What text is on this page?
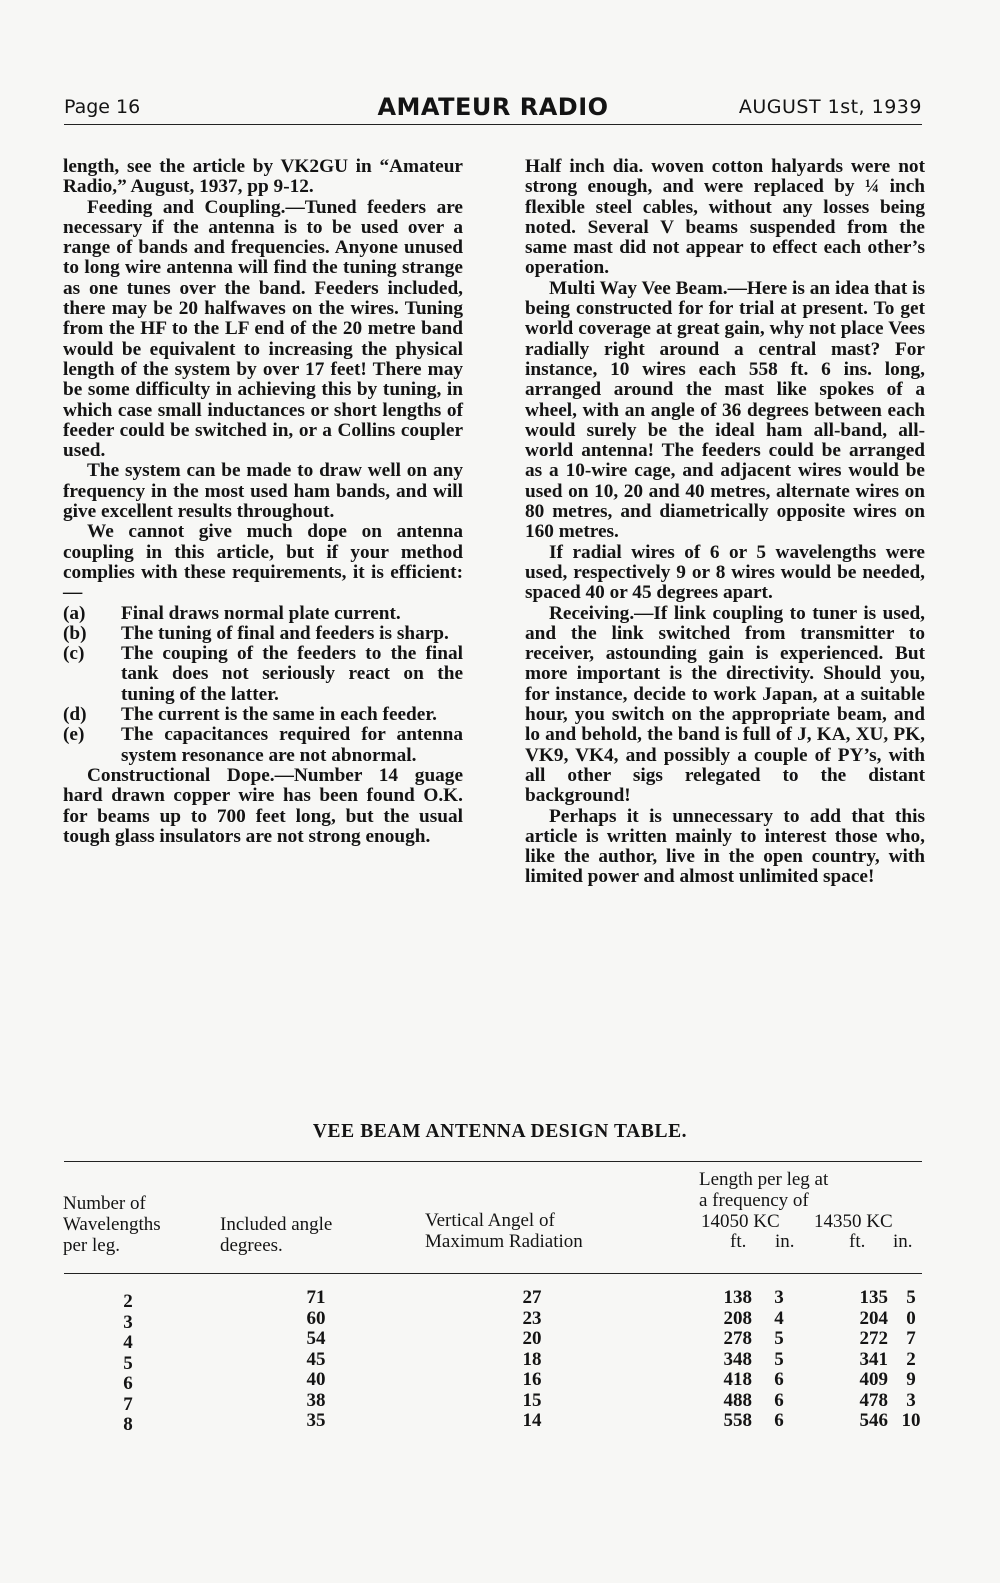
Page 16	AMATEUR RADIO	AUGUST 1st, 1939

length, see the article by VK2GU in “Amateur Radio,” August, 1937, pp 9-12.

Feeding and Coupling.—Tuned feeders are necessary if the antenna is to be used over a range of bands and frequencies. Anyone unused to long wire antenna will find the tuning strange as one tunes over the band. Feeders included, there may be 20 halfwaves on the wires. Tuning from the HF to the LF end of the 20 metre band would be equivalent to increasing the physical length of the system by over 17 feet! There may be some difficulty in achieving this by tuning, in which case small inductances or short lengths of feeder could be switched in, or a Collins coupler used.

The system can be made to draw well on any frequency in the most used ham bands, and will give excellent results throughout.

We cannot give much dope on antenna coupling in this article, but if your method complies with these requirements, it is efficient:—

(a)	Final draws normal plate current.
(b)	The tuning of final and feeders is sharp.
(c)	The couping of the feeders to the final tank does not seriously react on the tuning of the latter.
(d)	The current is the same in each feeder.
(e)	The capacitances required for antenna system resonance are not abnormal.

Constructional Dope.—Number 14 guage hard drawn copper wire has been found O.K. for beams up to 700 feet long, but the usual tough glass insulators are not strong enough.

Half inch dia. woven cotton halyards were not strong enough, and were replaced by ¼ inch flexible steel cables, without any losses being noted. Several V beams suspended from the same mast did not appear to effect each other’s operation.

Multi Way Vee Beam.—Here is an idea that is being constructed for for trial at present. To get world coverage at great gain, why not place Vees radially right around a central mast? For instance, 10 wires each 558 ft. 6 ins. long, arranged around the mast like spokes of a wheel, with an angle of 36 degrees between each would surely be the ideal ham all-band, all-world antenna! The feeders could be arranged as a 10-wire cage, and adjacent wires would be used on 10, 20 and 40 metres, alternate wires on 80 metres, and diametrically opposite wires on 160 metres.

If radial wires of 6 or 5 wavelengths were used, respectively 9 or 8 wires would be needed, spaced 40 or 45 degrees apart.

Receiving.—If link coupling to tuner is used, and the link switched from transmitter to receiver, astounding gain is experienced. But more important is the directivity. Should you, for instance, decide to work Japan, at a suitable hour, you switch on the appropriate beam, and lo and behold, the band is full of J, KA, XU, PK, VK9, VK4, and possibly a couple of PY’s, with all other sigs relegated to the distant background!

Perhaps it is unnecessary to add that this article is written mainly to interest those who, like the author, live in the open country, with limited power and almost unlimited space!

VEE BEAM ANTENNA DESIGN TABLE.
Number of
Wavelengths
per leg.
Included angle
degrees.
Vertical Angel of
Maximum Radiation
Length per leg at
a frequency of
14050 KC 14350 KC
ft. in.	ft. in.
2	71	27	138 3	135 5
3	60	23	208 4	204 0
4	54	20	278 5	272 7
5	45	18	348 5	341 2
6	40	16	418 6	409 9
7	38	15	488 6	478 3
8	35	14	558 6	546 10
